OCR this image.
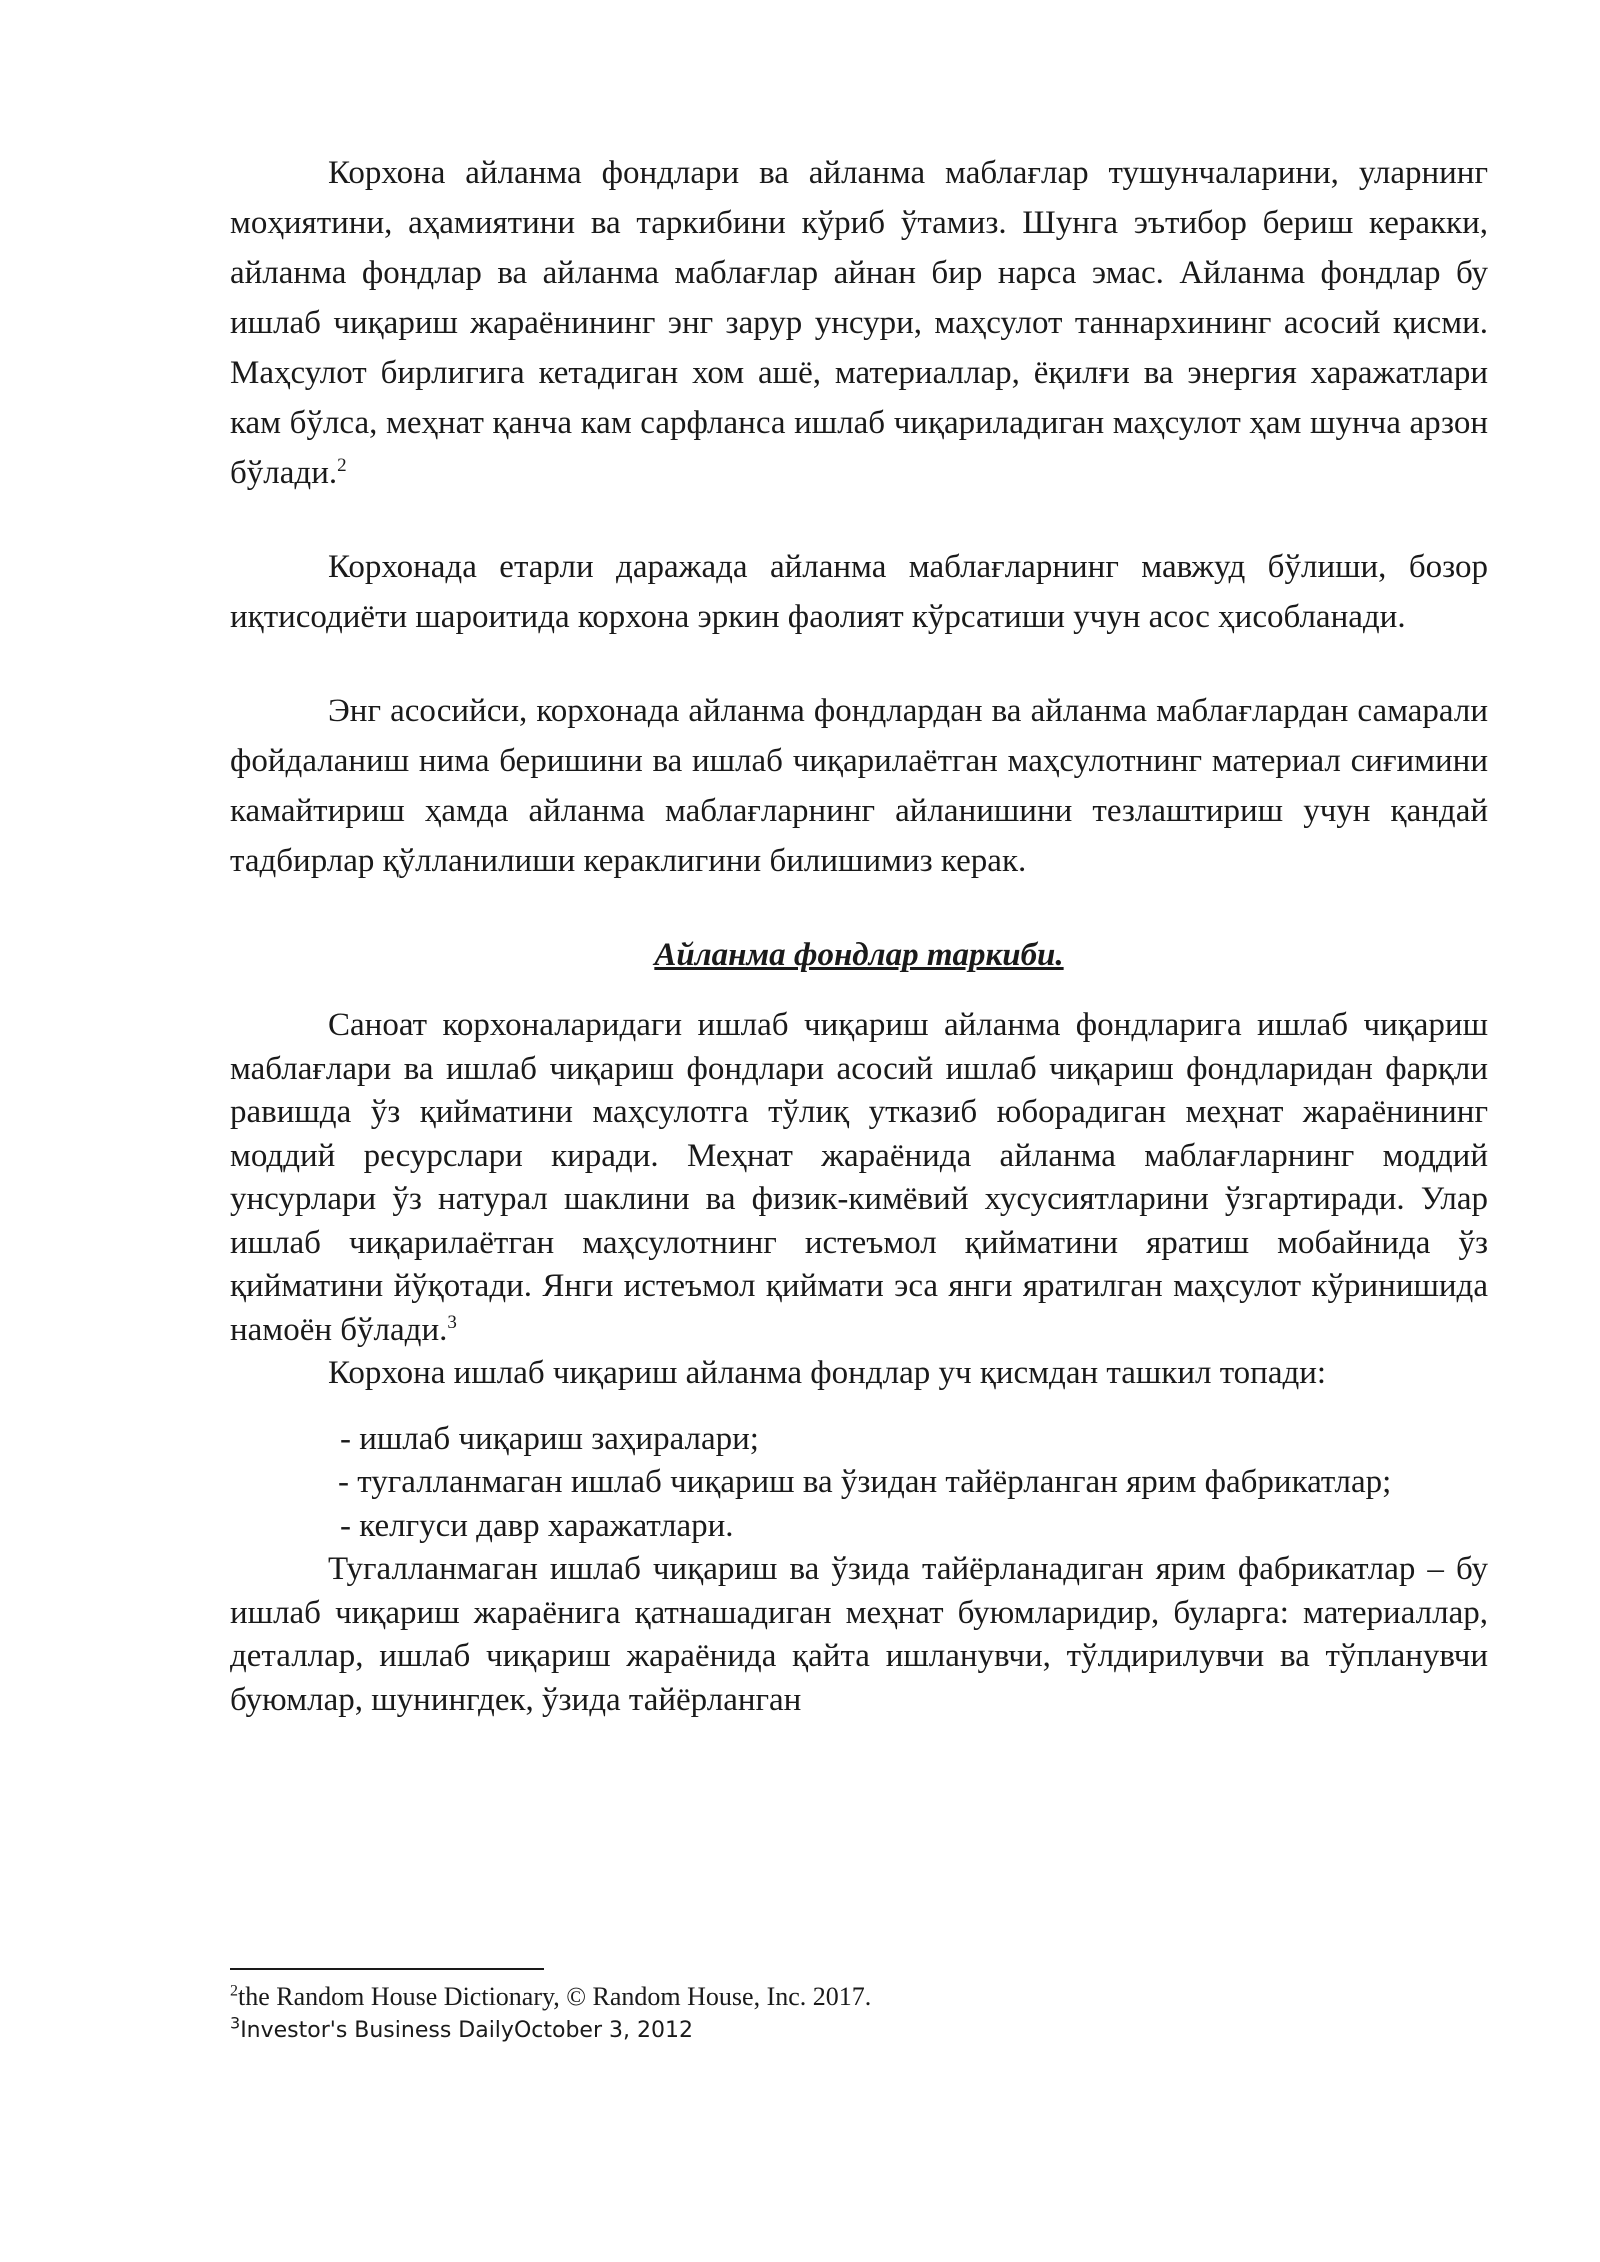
Корхона айланма фондлари ва айланма маблағлар тушунчаларини, уларнинг моҳиятини, аҳамиятини ва таркибини кўриб ўтамиз. Шунга эътибор бериш керакки, айланма фондлар ва айланма маблағлар айнан бир нарса эмас. Айланма фондлар бу ишлаб чиқариш жараёнининг энг зарур унсури, маҳсулот таннархининг асосий қисми. Маҳсулот бирлигига кетадиган хом ашё, материаллар, ёқилғи ва энергия харажатлари кам бўлса, меҳнат қанча кам сарфланса ишлаб чиқариладиган маҳсулот ҳам шунча арзон бўлади.$^2$

Корхонада етарли даражада айланма маблағларнинг мавжуд бўлиши, бозор иқтисодиёти шароитида корхона эркин фаолият кўрсатиши учун асос ҳисобланади.

Энг асосийси, корхонада айланма фондлардан ва айланма маблағлардан самарали фойдаланиш нима беришини ва ишлаб чиқарилаётган маҳсулотнинг материал сиғимини камайтириш ҳамда айланма маблағларнинг айланишини тезлаштириш учун қандай тадбирлар қўлланилиши кераклигини билишимиз керак.

Айланма фондлар таркиби.

Саноат корхоналаридаги ишлаб чиқариш айланма фондларига ишлаб чиқариш маблағлари ва ишлаб чиқариш фондлари асосий ишлаб чиқариш фондларидан фарқли равишда ўз қийматини маҳсулотга тўлиқ утказиб юборадиган меҳнат жараёнининг моддий ресурслари киради. Меҳнат жараёнида айланма маблағларнинг моддий унсурлари ўз натурал шаклини ва физик-кимёвий хусусиятларини ўзгартиради. Улар ишлаб чиқарилаётган маҳсулотнинг истеъмол қийматини яратиш мобайнида ўз қийматини йўқотади. Янги истеъмол қиймати эса янги яратилган маҳсулот кўринишида намоён бўлади.$^3$

Корхона ишлаб чиқариш айланма фондлар уч қисмдан ташкил топади:

- ишлаб чиқариш заҳиралари;

- тугалланмаган ишлаб чиқариш ва ўзидан тайёрланган ярим фабрикатлар;

- келгуси давр харажатлари.

Тугалланмаган ишлаб чиқариш ва ўзида тайёрланадиган ярим фабрикатлар – бу ишлаб чиқариш жараёнига қатнашадиган меҳнат буюмларидир, буларга: материаллар, деталлар, ишлаб чиқариш жараёнида қайта ишланувчи, тўлдирилувчи ва тўпланувчи буюмлар, шунингдек, ўзида тайёрланган

$^2$the Random House Dictionary, © Random House, Inc. 2017.

$^3$Investor's Business DailyOctober 3, 2012
